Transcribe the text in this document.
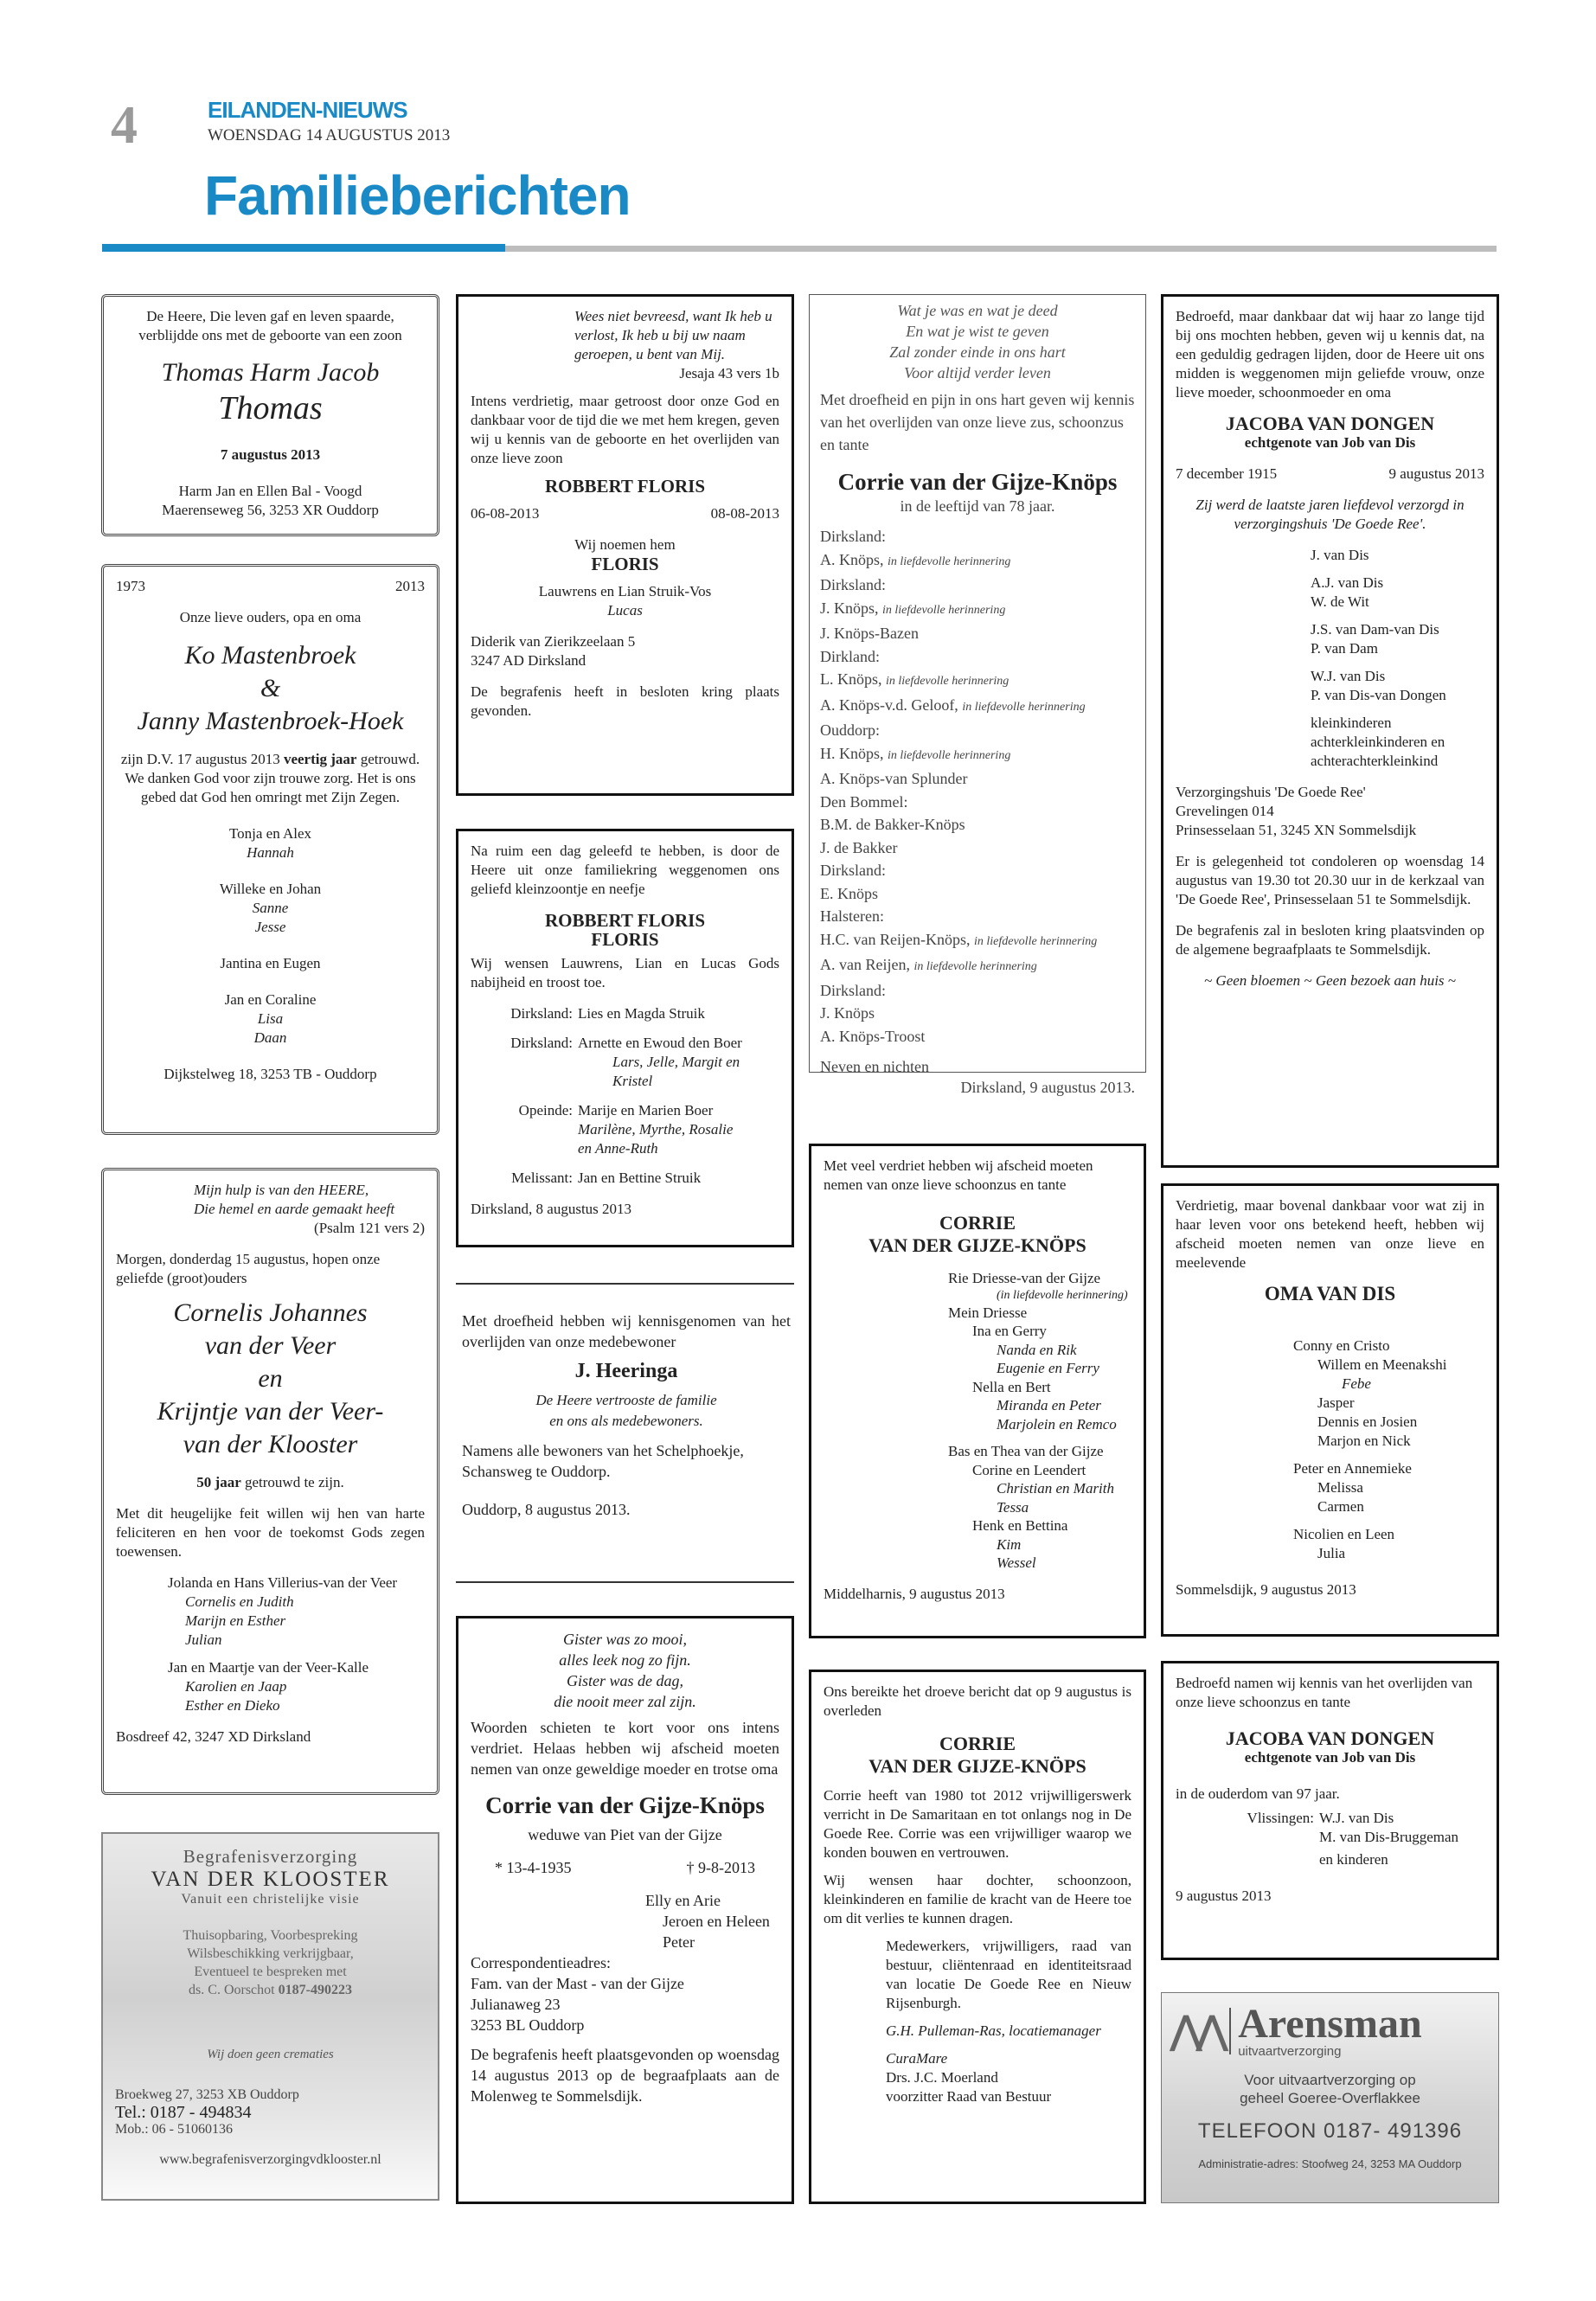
4	EILANDEN-NIEUWS
WOENSDAG 14 AUGUSTUS 2013
Familieberichten
De Heere, Die leven gaf en leven spaarde, verblijdde ons met de geboorte van een zoon
Thomas Harm Jacob
Thomas
7 augustus 2013
Harm Jan en Ellen Bal - Voogd
Maerenseweg 56, 3253 XR Ouddorp
1973	2013
Onze lieve ouders, opa en oma
Ko Mastenbroek
&
Janny Mastenbroek-Hoek
zijn D.V. 17 augustus 2013 veertig jaar getrouwd. We danken God voor zijn trouwe zorg. Het is ons gebed dat God hen omringt met Zijn Zegen.
Tonja en Alex
Hannah
Willeke en Johan
Sanne
Jesse
Jantina en Eugen
Jan en Coraline
Lisa
Daan
Dijkstelweg 18, 3253 TB - Ouddorp
Mijn hulp is van den HEERE,
Die hemel en aarde gemaakt heeft
(Psalm 121 vers 2)
Morgen, donderdag 15 augustus, hopen onze geliefde (groot)ouders
Cornelis Johannes
van der Veer
en
Krijntje van der Veer-
van der Klooster
50 jaar getrouwd te zijn.
Met dit heugelijke feit willen wij hen van harte feliciteren en hen voor de toekomst Gods zegen toewensen.
Jolanda en Hans Villerius-van der Veer
Cornelis en Judith
Marijn en Esther
Julian
Jan en Maartje van der Veer-Kalle
Karolien en Jaap
Esther en Dieko
Bosdreef 42, 3247 XD Dirksland
Begrafenisverzorging
VAN DER KLOOSTER
Vanuit een christelijke visie
Thuisopbaring, Voorbespreking
Wilsbeschikking verkrijgbaar,
Eventueel te bespreken met
ds. C. Oorschot 0187-490223
Wij doen geen crematies
Broekweg 27, 3253 XB Ouddorp
Tel.: 0187 - 494834
Mob.: 06 - 51060136
www.begrafenisverzorgingvdklooster.nl
Wees niet bevreesd, want Ik heb u verlost, Ik heb u bij uw naam geroepen, u bent van Mij.
Jesaja 43 vers 1b
Intens verdrietig, maar getroost door onze God en dankbaar voor de tijd die we met hem kregen, geven wij u kennis van de geboorte en het overlijden van onze lieve zoon
ROBBERT FLORIS
06-08-2013	08-08-2013
Wij noemen hem
FLORIS
Lauwrens en Lian Struik-Vos
Lucas
Diderik van Zierikzeelaan 5
3247 AD Dirksland
De begrafenis heeft in besloten kring plaats gevonden.
Na ruim een dag geleefd te hebben, is door de Heere uit onze familiekring weggenomen ons geliefd kleinzoontje en neefje
ROBBERT FLORIS
FLORIS
Wij wensen Lauwrens, Lian en Lucas Gods nabijheid en troost toe.
Dirksland: Lies en Magda Struik
Dirksland: Arnette en Ewoud den Boer
Lars, Jelle, Margit en Kristel
Opeinde: Marije en Marien Boer
Marilène, Myrthe, Rosalie
en Anne-Ruth
Melissant: Jan en Bettine Struik
Dirksland, 8 augustus 2013
Met droefheid hebben wij kennisgenomen van het overlijden van onze medebewoner
J. Heeringa
De Heere vertrooste de familie
en ons als medebewoners.
Namens alle bewoners van het Schelphoekje, Schansweg te Ouddorp.
Ouddorp, 8 augustus 2013.
Gister was zo mooi,
alles leek nog zo fijn.
Gister was de dag,
die nooit meer zal zijn.
Woorden schieten te kort voor ons intens verdriet. Helaas hebben wij afscheid moeten nemen van onze geweldige moeder en trotse oma
Corrie van der Gijze-Knöps
weduwe van Piet van der Gijze
* 13-4-1935	† 9-8-2013
Elly en Arie
Jeroen en Heleen
Peter
Correspondentieadres:
Fam. van der Mast - van der Gijze
Julianaweg 23
3253 BL Ouddorp
De begrafenis heeft plaatsgevonden op woensdag 14 augustus 2013 op de begraafplaats aan de Molenweg te Sommelsdijk.
Wat je was en wat je deed
En wat je wist te geven
Zal zonder einde in ons hart
Voor altijd verder leven
Met droefheid en pijn in ons hart geven wij kennis van het overlijden van onze lieve zus, schoonzus en tante
Corrie van der Gijze-Knöps
in de leeftijd van 78 jaar.
Dirksland:
A. Knöps, in liefdevolle herinnering
Dirksland:
J. Knöps, in liefdevolle herinnering
J. Knöps-Bazen
Dirkland:
L. Knöps, in liefdevolle herinnering
A. Knöps-v.d. Geloof, in liefdevolle herinnering
Ouddorp:
H. Knöps, in liefdevolle herinnering
A. Knöps-van Splunder
Den Bommel:
B.M. de Bakker-Knöps
J. de Bakker
Dirksland:
E. Knöps
Halsteren:
H.C. van Reijen-Knöps, in liefdevolle herinnering
A. van Reijen, in liefdevolle herinnering
Dirksland:
J. Knöps
A. Knöps-Troost
Neven en nichten
Dirksland, 9 augustus 2013.
Met veel verdriet hebben wij afscheid moeten nemen van onze lieve schoonzus en tante
CORRIE
VAN DER GIJZE-KNÖPS
Rie Driesse-van der Gijze
(in liefdevolle herinnering)
Mein Driesse
Ina en Gerry
Nanda en Rik
Eugenie en Ferry
Nella en Bert
Miranda en Peter
Marjolein en Remco
Bas en Thea van der Gijze
Corine en Leendert
Christian en Marith
Tessa
Henk en Bettina
Kim
Wessel
Middelharnis, 9 augustus 2013
Ons bereikte het droeve bericht dat op 9 augustus is overleden
CORRIE
VAN DER GIJZE-KNÖPS
Corrie heeft van 1980 tot 2012 vrijwilligerswerk verricht in De Samaritaan en tot onlangs nog in De Goede Ree. Corrie was een vrijwilliger waarop we konden bouwen en vertrouwen.
Wij wensen haar dochter, schoonzoon, kleinkinderen en familie de kracht van de Heere toe om dit verlies te kunnen dragen.
Medewerkers, vrijwilligers, raad van bestuur, cliëntenraad en identiteitsraad van locatie De Goede Ree en Nieuw Rijsenburgh.
G.H. Pulleman-Ras, locatiemanager
CuraMare
Drs. J.C. Moerland
voorzitter Raad van Bestuur
Bedroefd, maar dankbaar dat wij haar zo lange tijd bij ons mochten hebben, geven wij u kennis dat, na een geduldig gedragen lijden, door de Heere uit ons midden is weggenomen mijn geliefde vrouw, onze lieve moeder, schoonmoeder en oma
JACOBA VAN DONGEN
echtgenote van Job van Dis
7 december 1915	9 augustus 2013
Zij werd de laatste jaren liefdevol verzorgd in verzorgingshuis 'De Goede Ree'.
J. van Dis
A.J. van Dis
W. de Wit
J.S. van Dam-van Dis
P. van Dam
W.J. van Dis
P. van Dis-van Dongen
kleinkinderen
achterkleinkinderen en
achterachterkleinkind
Verzorgingshuis 'De Goede Ree'
Grevelingen 014
Prinsesselaan 51, 3245 XN Sommelsdijk
Er is gelegenheid tot condoleren op woensdag 14 augustus van 19.30 tot 20.30 uur in de kerkzaal van 'De Goede Ree', Prinsesselaan 51 te Sommelsdijk.
De begrafenis zal in besloten kring plaatsvinden op de algemene begraafplaats te Sommelsdijk.
~ Geen bloemen ~ Geen bezoek aan huis ~
Verdrietig, maar bovenal dankbaar voor wat zij in haar leven voor ons betekend heeft, hebben wij afscheid moeten nemen van onze lieve en meelevende
OMA VAN DIS
Conny en Cristo
Willem en Meenakshi
Febe
Jasper
Dennis en Josien
Marjon en Nick
Peter en Annemieke
Melissa
Carmen
Nicolien en Leen
Julia
Sommelsdijk, 9 augustus 2013
Bedroefd namen wij kennis van het overlijden van onze lieve schoonzus en tante
JACOBA VAN DONGEN
echtgenote van Job van Dis
in de ouderdom van 97 jaar.
Vlissingen: W.J. van Dis
M. van Dis-Bruggeman
en kinderen
9 augustus 2013
⋀⋀ Arensman
uitvaartverzorging
Voor uitvaartverzorging op
geheel Goeree-Overflakkee
TELEFOON 0187- 491396
Administratie-adres: Stoofweg 24, 3253 MA Ouddorp
